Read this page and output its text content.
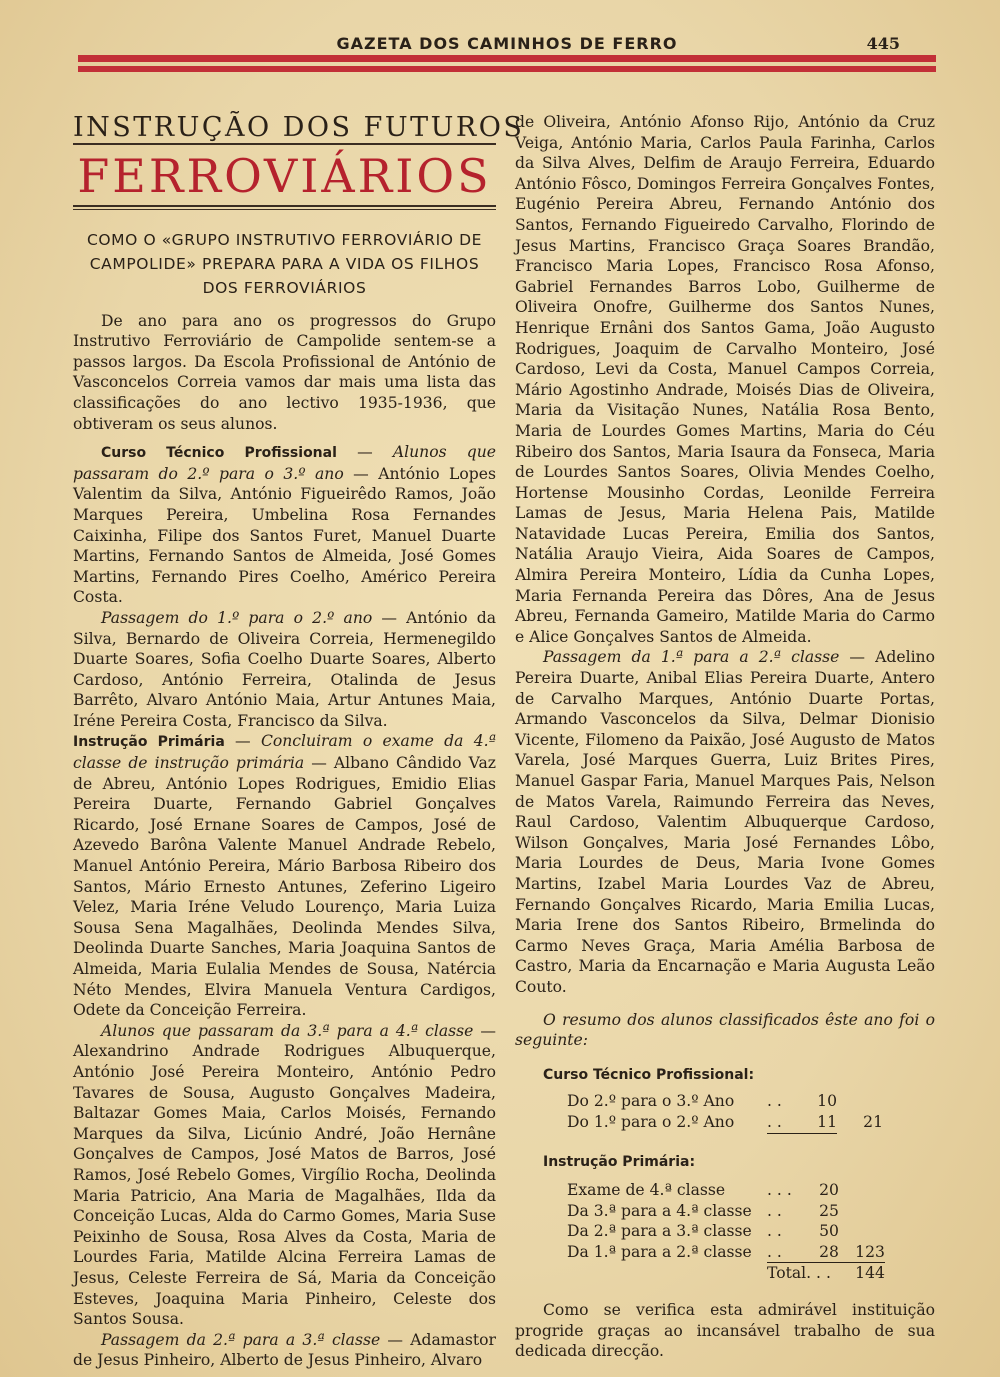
GAZETA DOS CAMINHOS DE FERRO	445
INSTRUÇÃO DOS FUTUROS
FERROVIÁRIOS
COMO O «GRUPO INSTRUTIVO FERROVIÁRIO DE CAMPOLIDE» PREPARA PARA A VIDA OS FILHOS DOS FERROVIÁRIOS

De ano para ano os progressos do Grupo Instrutivo Ferroviário de Campolide sentem-se a passos largos. Da Escola Profissional de António de Vasconcelos Correia vamos dar mais uma lista das classificações do ano lectivo 1935-1936, que obtiveram os seus alunos.

Curso Técnico Profissional — Alunos que passaram do 2.º para o 3.º ano — António Lopes Valentim da Silva, António Figueirêdo Ramos, João Marques Pereira, Umbelina Rosa Fernandes Caixinha, Filipe dos Santos Furet, Manuel Duarte Martins, Fernando Santos de Almeida, José Gomes Martins, Fernando Pires Coelho, Américo Pereira Costa.

Passagem do 1.º para o 2.º ano — António da Silva, Bernardo de Oliveira Correia, Hermenegildo Duarte Soares, Sofia Coelho Duarte Soares, Alberto Cardoso, António Ferreira, Otalinda de Jesus Barrêto, Alvaro António Maia, Artur Antunes Maia, Iréne Pereira Costa, Francisco da Silva.

Instrução Primária — Concluiram o exame da 4.ª classe de instrução primária — Albano Cândido Vaz de Abreu, António Lopes Rodrigues, Emidio Elias Pereira Duarte, Fernando Gabriel Gonçalves Ricardo, José Ernane Soares de Campos, José de Azevedo Barôna Valente Manuel Andrade Rebelo, Manuel António Pereira, Mário Barbosa Ribeiro dos Santos, Mário Ernesto Antunes, Zeferino Ligeiro Velez, Maria Iréne Veludo Lourenço, Maria Luiza Sousa Sena Magalhães, Deolinda Mendes Silva, Deolinda Duarte Sanches, Maria Joaquina Santos de Almeida, Maria Eulalia Mendes de Sousa, Natércia Néto Mendes, Elvira Manuela Ventura Cardigos, Odete da Conceição Ferreira.

Alunos que passaram da 3.ª para a 4.ª classe — Alexandrino Andrade Rodrigues Albuquerque, António José Pereira Monteiro, António Pedro Tavares de Sousa, Augusto Gonçalves Madeira, Baltazar Gomes Maia, Carlos Moisés, Fernando Marques da Silva, Licúnio André, João Hernâne Gonçalves de Campos, José Matos de Barros, José Ramos, José Rebelo Gomes, Virgílio Rocha, Deolinda Maria Patricio, Ana Maria de Magalhães, Ilda da Conceição Lucas, Alda do Carmo Gomes, Maria Suse Peixinho de Sousa, Rosa Alves da Costa, Maria de Lourdes Faria, Matilde Alcina Ferreira Lamas de Jesus, Celeste Ferreira de Sá, Maria da Conceição Esteves, Joaquina Maria Pinheiro, Celeste dos Santos Sousa.

Passagem da 2.ª para a 3.ª classe — Adamastor de Jesus Pinheiro, Alberto de Jesus Pinheiro, Alvaro

de Oliveira, António Afonso Rijo, António da Cruz Veiga, António Maria, Carlos Paula Farinha, Carlos da Silva Alves, Delfim de Araujo Ferreira, Eduardo António Fôsco, Domingos Ferreira Gonçalves Fontes, Eugénio Pereira Abreu, Fernando António dos Santos, Fernando Figueiredo Carvalho, Florindo de Jesus Martins, Francisco Graça Soares Brandão, Francisco Maria Lopes, Francisco Rosa Afonso, Gabriel Fernandes Barros Lobo, Guilherme de Oliveira Onofre, Guilherme dos Santos Nunes, Henrique Ernâni dos Santos Gama, João Augusto Rodrigues, Joaquim de Carvalho Monteiro, José Cardoso, Levi da Costa, Manuel Campos Correia, Mário Agostinho Andrade, Moisés Dias de Oliveira, Maria da Visitação Nunes, Natália Rosa Bento, Maria de Lourdes Gomes Martins, Maria do Céu Ribeiro dos Santos, Maria Isaura da Fonseca, Maria de Lourdes Santos Soares, Olivia Mendes Coelho, Hortense Mousinho Cordas, Leonilde Ferreira Lamas de Jesus, Maria Helena Pais, Matilde Natavidade Lucas Pereira, Emilia dos Santos, Natália Araujo Vieira, Aida Soares de Campos, Almira Pereira Monteiro, Lídia da Cunha Lopes, Maria Fernanda Pereira das Dôres, Ana de Jesus Abreu, Fernanda Gameiro, Matilde Maria do Carmo e Alice Gonçalves Santos de Almeida.

Passagem da 1.ª para a 2.ª classe — Adelino Pereira Duarte, Anibal Elias Pereira Duarte, Antero de Carvalho Marques, António Duarte Portas, Armando Vasconcelos da Silva, Delmar Dionisio Vicente, Filomeno da Paixão, José Augusto de Matos Varela, José Marques Guerra, Luiz Brites Pires, Manuel Gaspar Faria, Manuel Marques Pais, Nelson de Matos Varela, Raimundo Ferreira das Neves, Raul Cardoso, Valentim Albuquerque Cardoso, Wilson Gonçalves, Maria José Fernandes Lôbo, Maria Lourdes de Deus, Maria Ivone Gomes Martins, Izabel Maria Lourdes Vaz de Abreu, Fernando Gonçalves Ricardo, Maria Emilia Lucas, Maria Irene dos Santos Ribeiro, Brmelinda do Carmo Neves Graça, Maria Amélia Barbosa de Castro, Maria da Encarnação e Maria Augusta Leão Couto.

O resumo dos alunos classificados êste ano foi o seguinte:

Curso Técnico Profissional:
Do 2.º para o 3.º Ano	. . 10	
Do 1.º para o 2.º Ano	. . 11	21
Instrução Primária:
Exame de 4.ª classe	. . . 20	
Da 3.ª para a 4.ª classe	. . 25	
Da 2.ª para a 3.ª classe	. . 50	
Da 1.ª para a 2.ª classe	. . 28	123
	Total. . .	144

Como se verifica esta admirável instituição progride graças ao incansável trabalho de sua dedicada direcção.
